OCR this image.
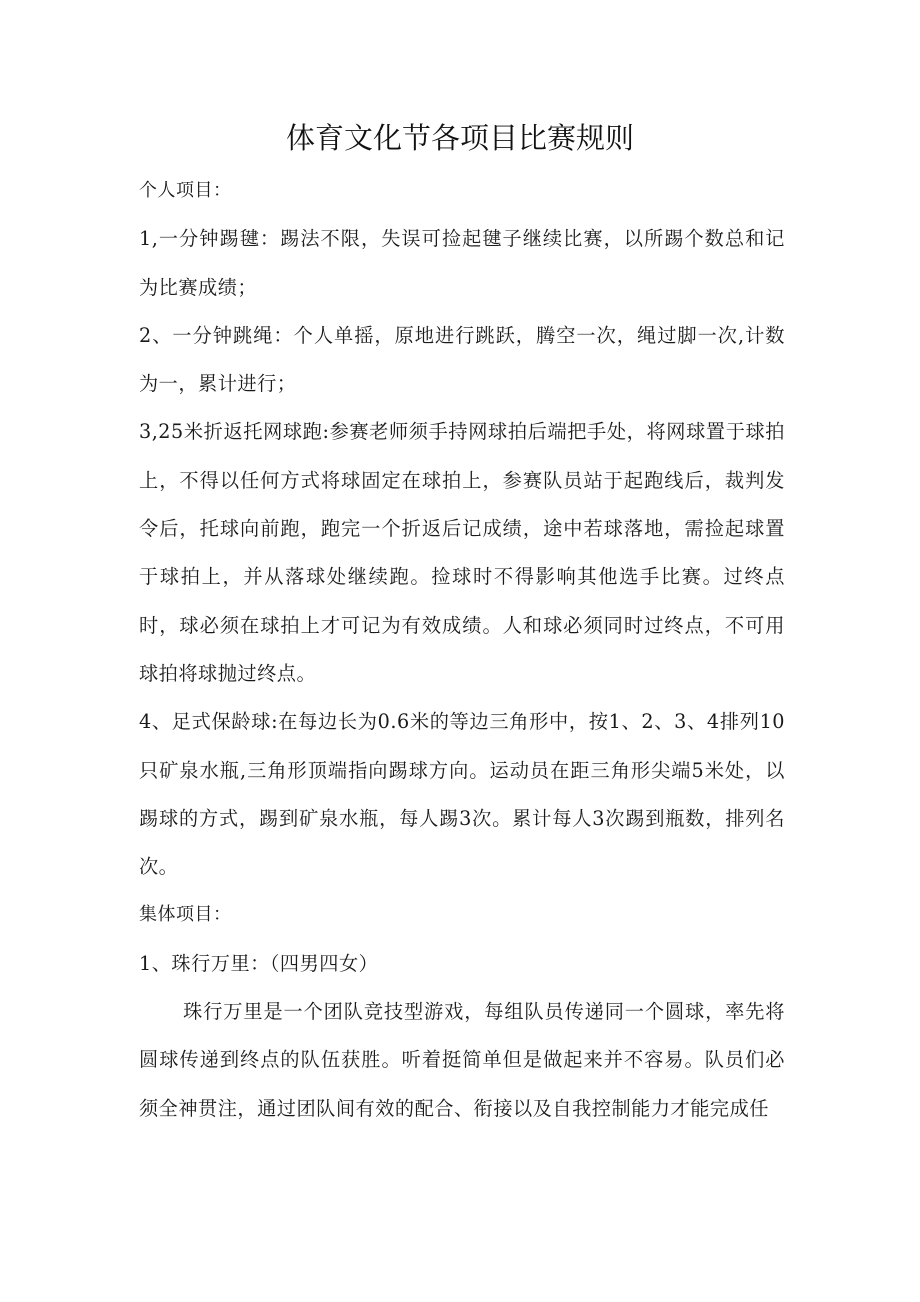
体育文化节各项目比赛规则

个人项目：

1,一分钟踢毽：踢法不限，失误可捡起毽子继续比赛，以所踢个数总和记为比赛成绩；

2、一分钟跳绳：个人单摇，原地进行跳跃，腾空一次，绳过脚一次,计数为一，累计进行；

3,25米折返托网球跑:参赛老师须手持网球拍后端把手处，将网球置于球拍上，不得以任何方式将球固定在球拍上，参赛队员站于起跑线后，裁判发令后，托球向前跑，跑完一个折返后记成绩，途中若球落地，需捡起球置于球拍上，并从落球处继续跑。捡球时不得影响其他选手比赛。过终点时，球必须在球拍上才可记为有效成绩。人和球必须同时过终点，不可用球拍将球抛过终点。

4、足式保龄球:在每边长为0.6米的等边三角形中，按1、2、3、4排列10只矿泉水瓶,三角形顶端指向踢球方向。运动员在距三角形尖端5米处，以踢球的方式，踢到矿泉水瓶，每人踢3次。累计每人3次踢到瓶数，排列名次。

集体项目：

1、珠行万里：（四男四女）

珠行万里是一个团队竞技型游戏，每组队员传递同一个圆球，率先将圆球传递到终点的队伍获胜。听着挺简单但是做起来并不容易。队员们必须全神贯注，通过团队间有效的配合、衔接以及自我控制能力才能完成任
